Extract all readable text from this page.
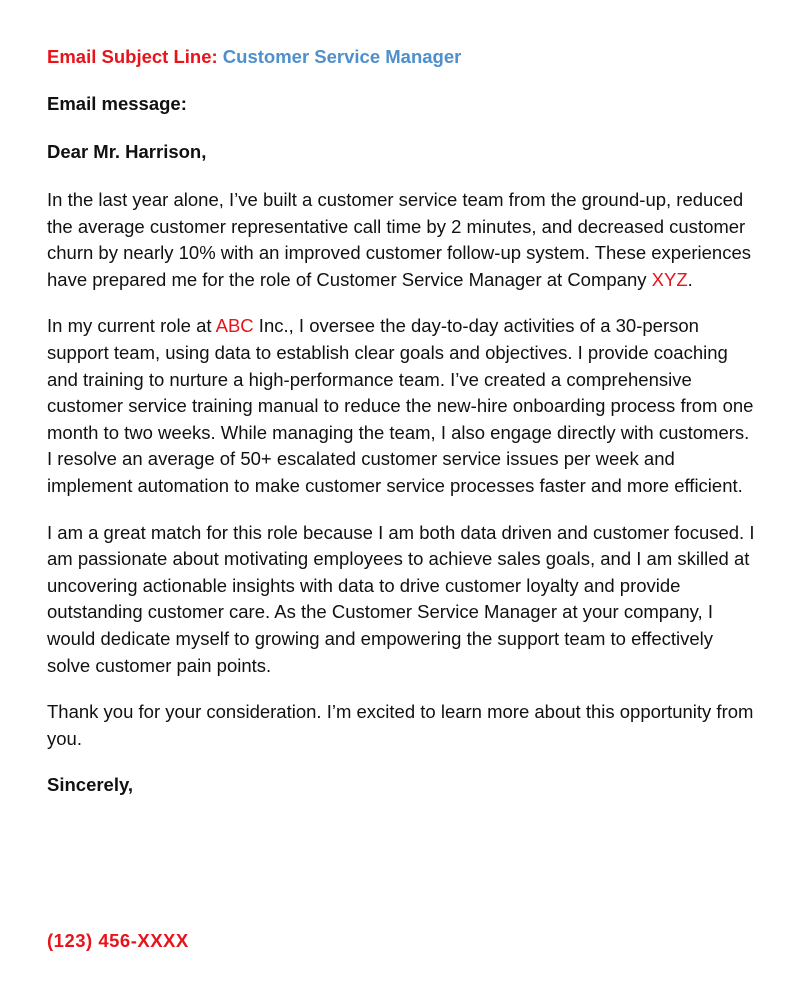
Email Subject Line: Customer Service Manager
Email message:
Dear Mr. Harrison,

In the last year alone, I’ve built a customer service team from the ground-up, reduced the average customer representative call time by 2 minutes, and decreased customer churn by nearly 10% with an improved customer follow-up system. These experiences have prepared me for the role of Customer Service Manager at Company XYZ.

In my current role at ABC Inc., I oversee the day-to-day activities of a 30-person support team, using data to establish clear goals and objectives. I provide coaching and training to nurture a high-performance team. I’ve created a comprehensive customer service training manual to reduce the new-hire onboarding process from one month to two weeks. While managing the team, I also engage directly with customers. I resolve an average of 50+ escalated customer service issues per week and implement automation to make customer service processes faster and more efficient.

I am a great match for this role because I am both data driven and customer focused. I am passionate about motivating employees to achieve sales goals, and I am skilled at uncovering actionable insights with data to drive customer loyalty and provide outstanding customer care. As the Customer Service Manager at your company, I would dedicate myself to growing and empowering the support team to effectively solve customer pain points.

Thank you for your consideration. I’m excited to learn more about this opportunity from you.

Sincerely,
(123) 456-XXXX
